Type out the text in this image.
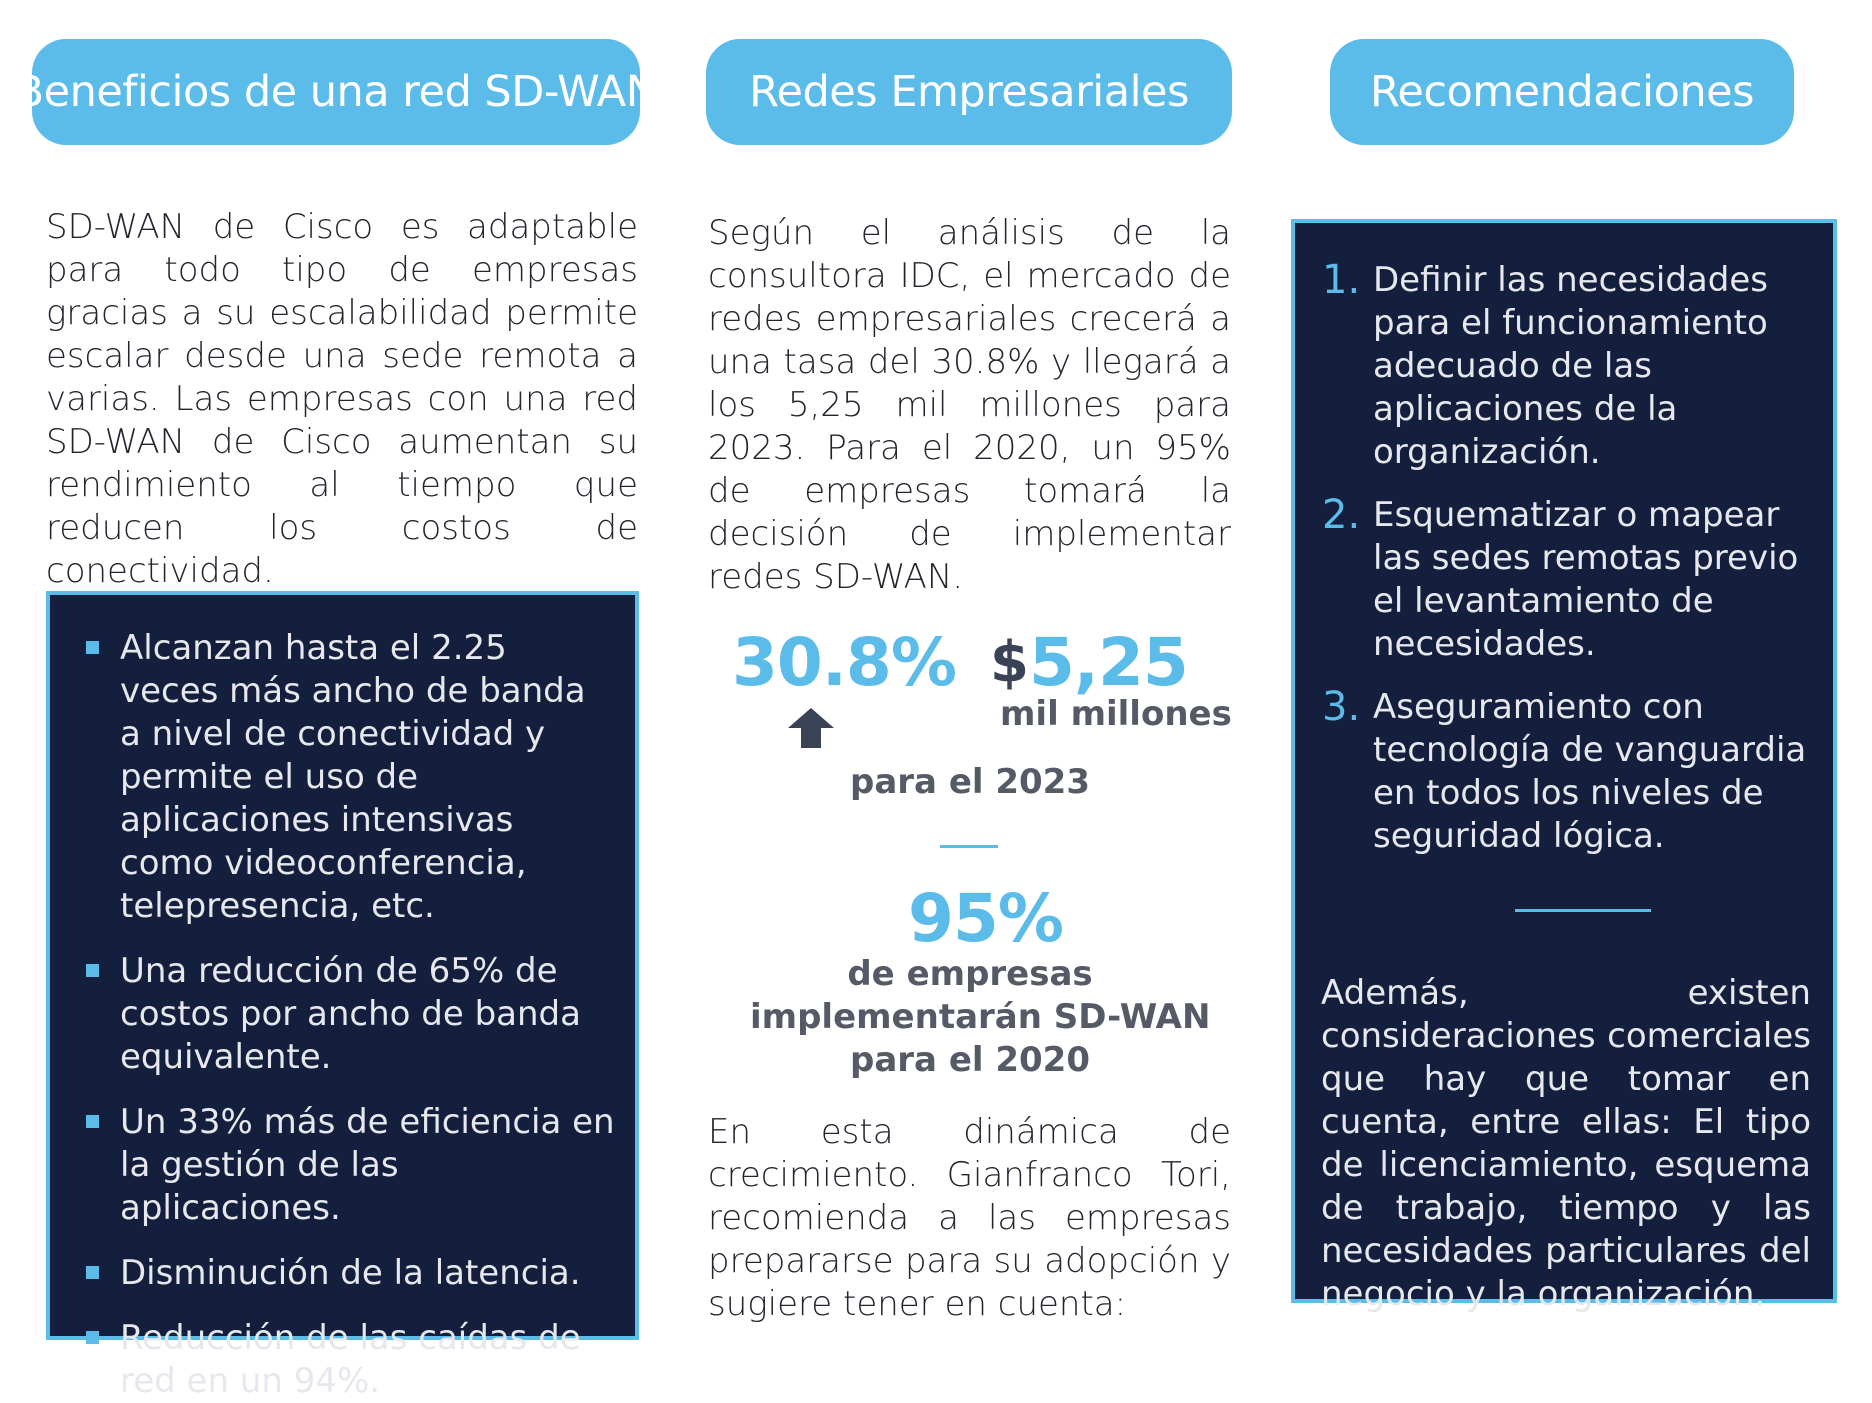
Beneficios de una red SD-WAN	Redes Empresariales	Recomendaciones
SD-WAN de Cisco es adaptable para todo tipo de empresas gracias a su escalabilidad permite escalar desde una sede remota a varias. Las empresas con una red SD-WAN de Cisco aumentan su rendimiento al tiempo que reducen los costos de conectividad.
Alcanzan hasta el 2.25 veces más ancho de banda a nivel de conectividad y permite el uso de aplicaciones intensivas como videoconferencia, telepresencia, etc.
Una reducción de 65% de costos por ancho de banda equivalente.
Un 33% más de eficiencia en la gestión de las aplicaciones.
Disminución de la latencia.
Reducción de las caídas de red en un 94%.
Según el análisis de la consultora IDC, el mercado de redes empresariales crecerá a una tasa del 30.8% y llegará a los 5,25 mil millones para 2023. Para el 2020, un 95% de empresas tomará la decisión de implementar redes SD-WAN.
30.8% $5,25
mil millones
para el 2023
95%
de empresas
implementarán SD-WAN
para el 2020
En esta dinámica de crecimiento. Gianfranco Tori, recomienda a las empresas prepararse para su adopción y sugiere tener en cuenta:
1. Definir las necesidades para el funcionamiento adecuado de las aplicaciones de la organización.
2. Esquematizar o mapear las sedes remotas previo el levantamiento de necesidades.
3. Aseguramiento con tecnología de vanguardia en todos los niveles de seguridad lógica.
Además, existen consideraciones comerciales que hay que tomar en cuenta, entre ellas: El tipo de licenciamiento, esquema de trabajo, tiempo y las necesidades particulares del negocio y la organización.
